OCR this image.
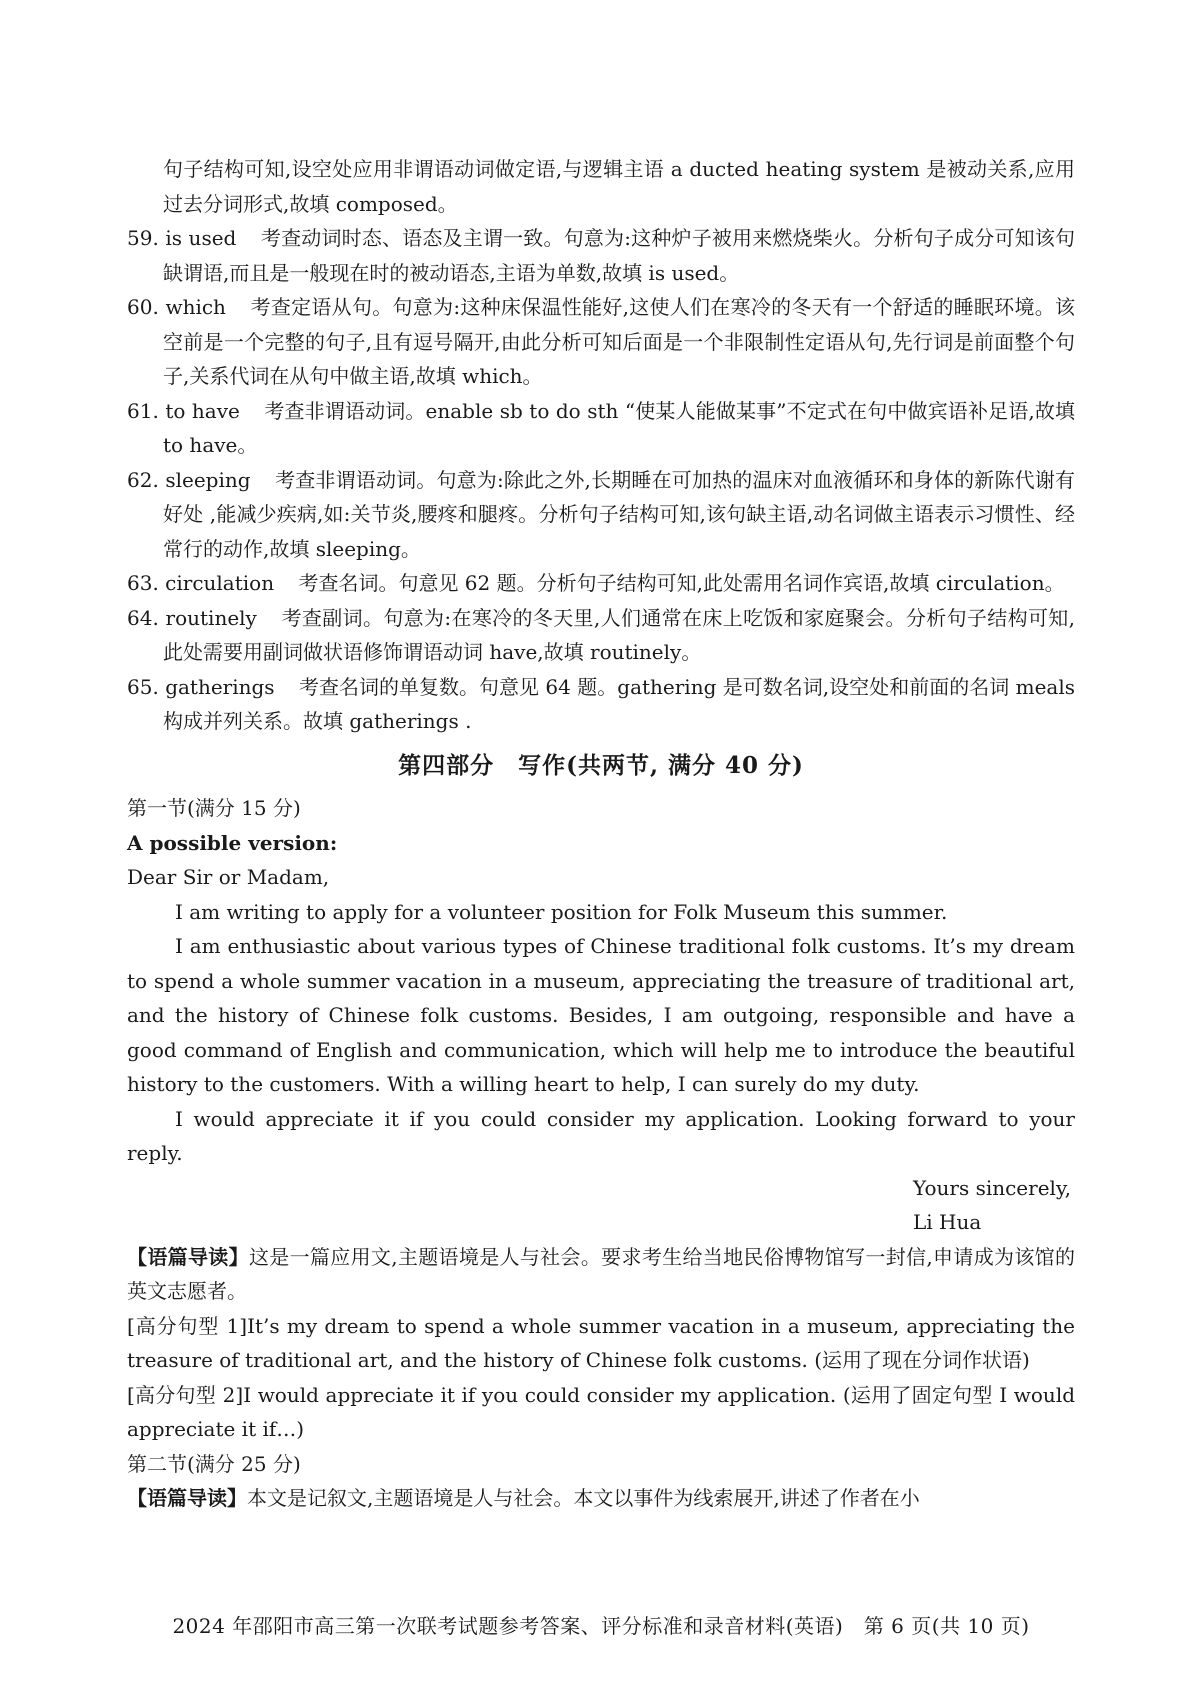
句子结构可知,设空处应用非谓语动词做定语,与逻辑主语 a ducted heating system 是被动关系,应用过去分词形式,故填 composed。
59. is used 考查动词时态、语态及主谓一致。句意为:这种炉子被用来燃烧柴火。分析句子成分可知该句缺谓语,而且是一般现在时的被动语态,主语为单数,故填 is used。
60. which 考查定语从句。句意为:这种床保温性能好,这使人们在寒冷的冬天有一个舒适的睡眠环境。该空前是一个完整的句子,且有逗号隔开,由此分析可知后面是一个非限制性定语从句,先行词是前面整个句子,关系代词在从句中做主语,故填 which。
61. to have 考查非谓语动词。enable sb to do sth “使某人能做某事”不定式在句中做宾语补足语,故填 to have。
62. sleeping 考查非谓语动词。句意为:除此之外,长期睡在可加热的温床对血液循环和身体的新陈代谢有好处 ,能减少疾病,如:关节炎,腰疼和腿疼。分析句子结构可知,该句缺主语,动名词做主语表示习惯性、经常行的动作,故填 sleeping。
63. circulation 考查名词。句意见 62 题。分析句子结构可知,此处需用名词作宾语,故填 circulation。
64. routinely 考查副词。句意为:在寒冷的冬天里,人们通常在床上吃饭和家庭聚会。分析句子结构可知,此处需要用副词做状语修饰谓语动词 have,故填 routinely。
65. gatherings 考查名词的单复数。句意见 64 题。gathering 是可数名词,设空处和前面的名词 meals 构成并列关系。故填 gatherings .
第四部分　写作(共两节, 满分 40 分)
第一节(满分 15 分)
A possible version:
Dear Sir or Madam,
I am writing to apply for a volunteer position for Folk Museum this summer.
I am enthusiastic about various types of Chinese traditional folk customs. It’s my dream to spend a whole summer vacation in a museum, appreciating the treasure of traditional art, and the history of Chinese folk customs. Besides, I am outgoing, responsible and have a good command of English and communication, which will help me to introduce the beautiful history to the customers. With a willing heart to help, I can surely do my duty.
I would appreciate it if you could consider my application. Looking forward to your reply.
Yours sincerely,
Li Hua
【语篇导读】这是一篇应用文,主题语境是人与社会。要求考生给当地民俗博物馆写一封信,申请成为该馆的英文志愿者。
[高分句型 1]It’s my dream to spend a whole summer vacation in a museum, appreciating the treasure of traditional art, and the history of Chinese folk customs. (运用了现在分词作状语)
[高分句型 2]I would appreciate it if you could consider my application. (运用了固定句型 I would appreciate it if…)
第二节(满分 25 分)
【语篇导读】本文是记叙文,主题语境是人与社会。本文以事件为线索展开,讲述了作者在小
2024 年邵阳市高三第一次联考试题参考答案、评分标准和录音材料(英语)　第 6 页(共 10 页)
